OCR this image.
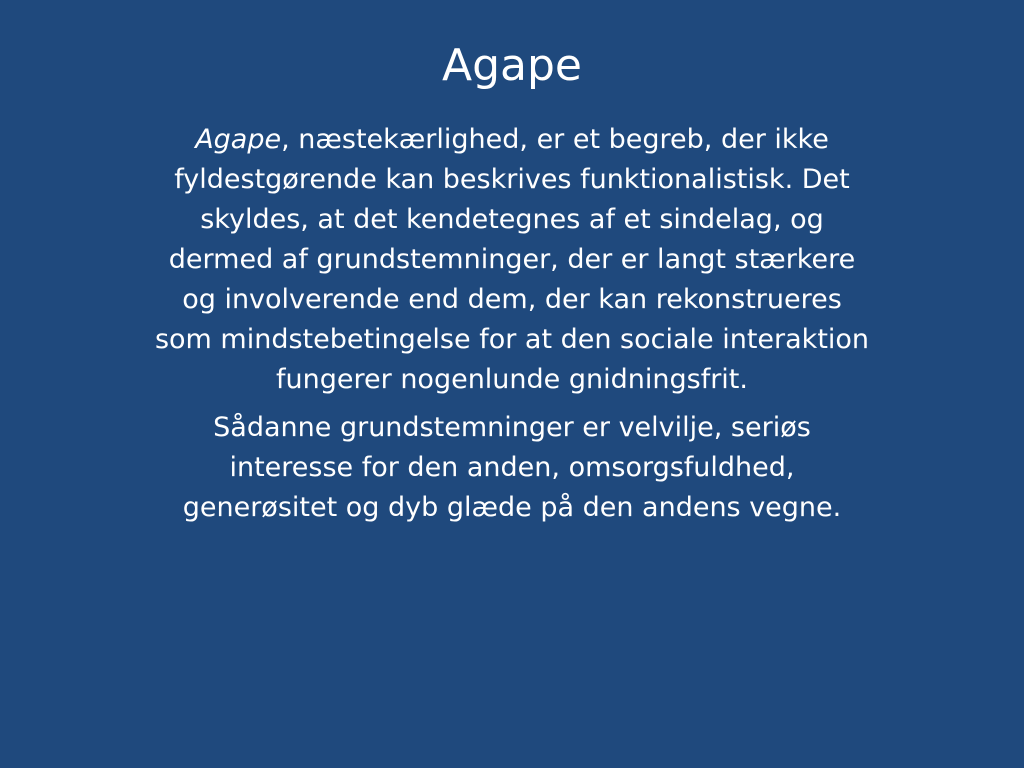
Agape

Agape, næstekærlighed, er et begreb, der ikke fyldestgørende kan beskrives funktionalistisk. Det skyldes, at det kendetegnes af et sindelag, og dermed af grundstemninger, der er langt stærkere og involverende end dem, der kan rekonstrueres som mindstebetingelse for at den sociale interaktion fungerer nogenlunde gnidningsfrit.

Sådanne grundstemninger er velvilje, seriøs interesse for den anden, omsorgsfuldhed, generøsitet og dyb glæde på den andens vegne.
